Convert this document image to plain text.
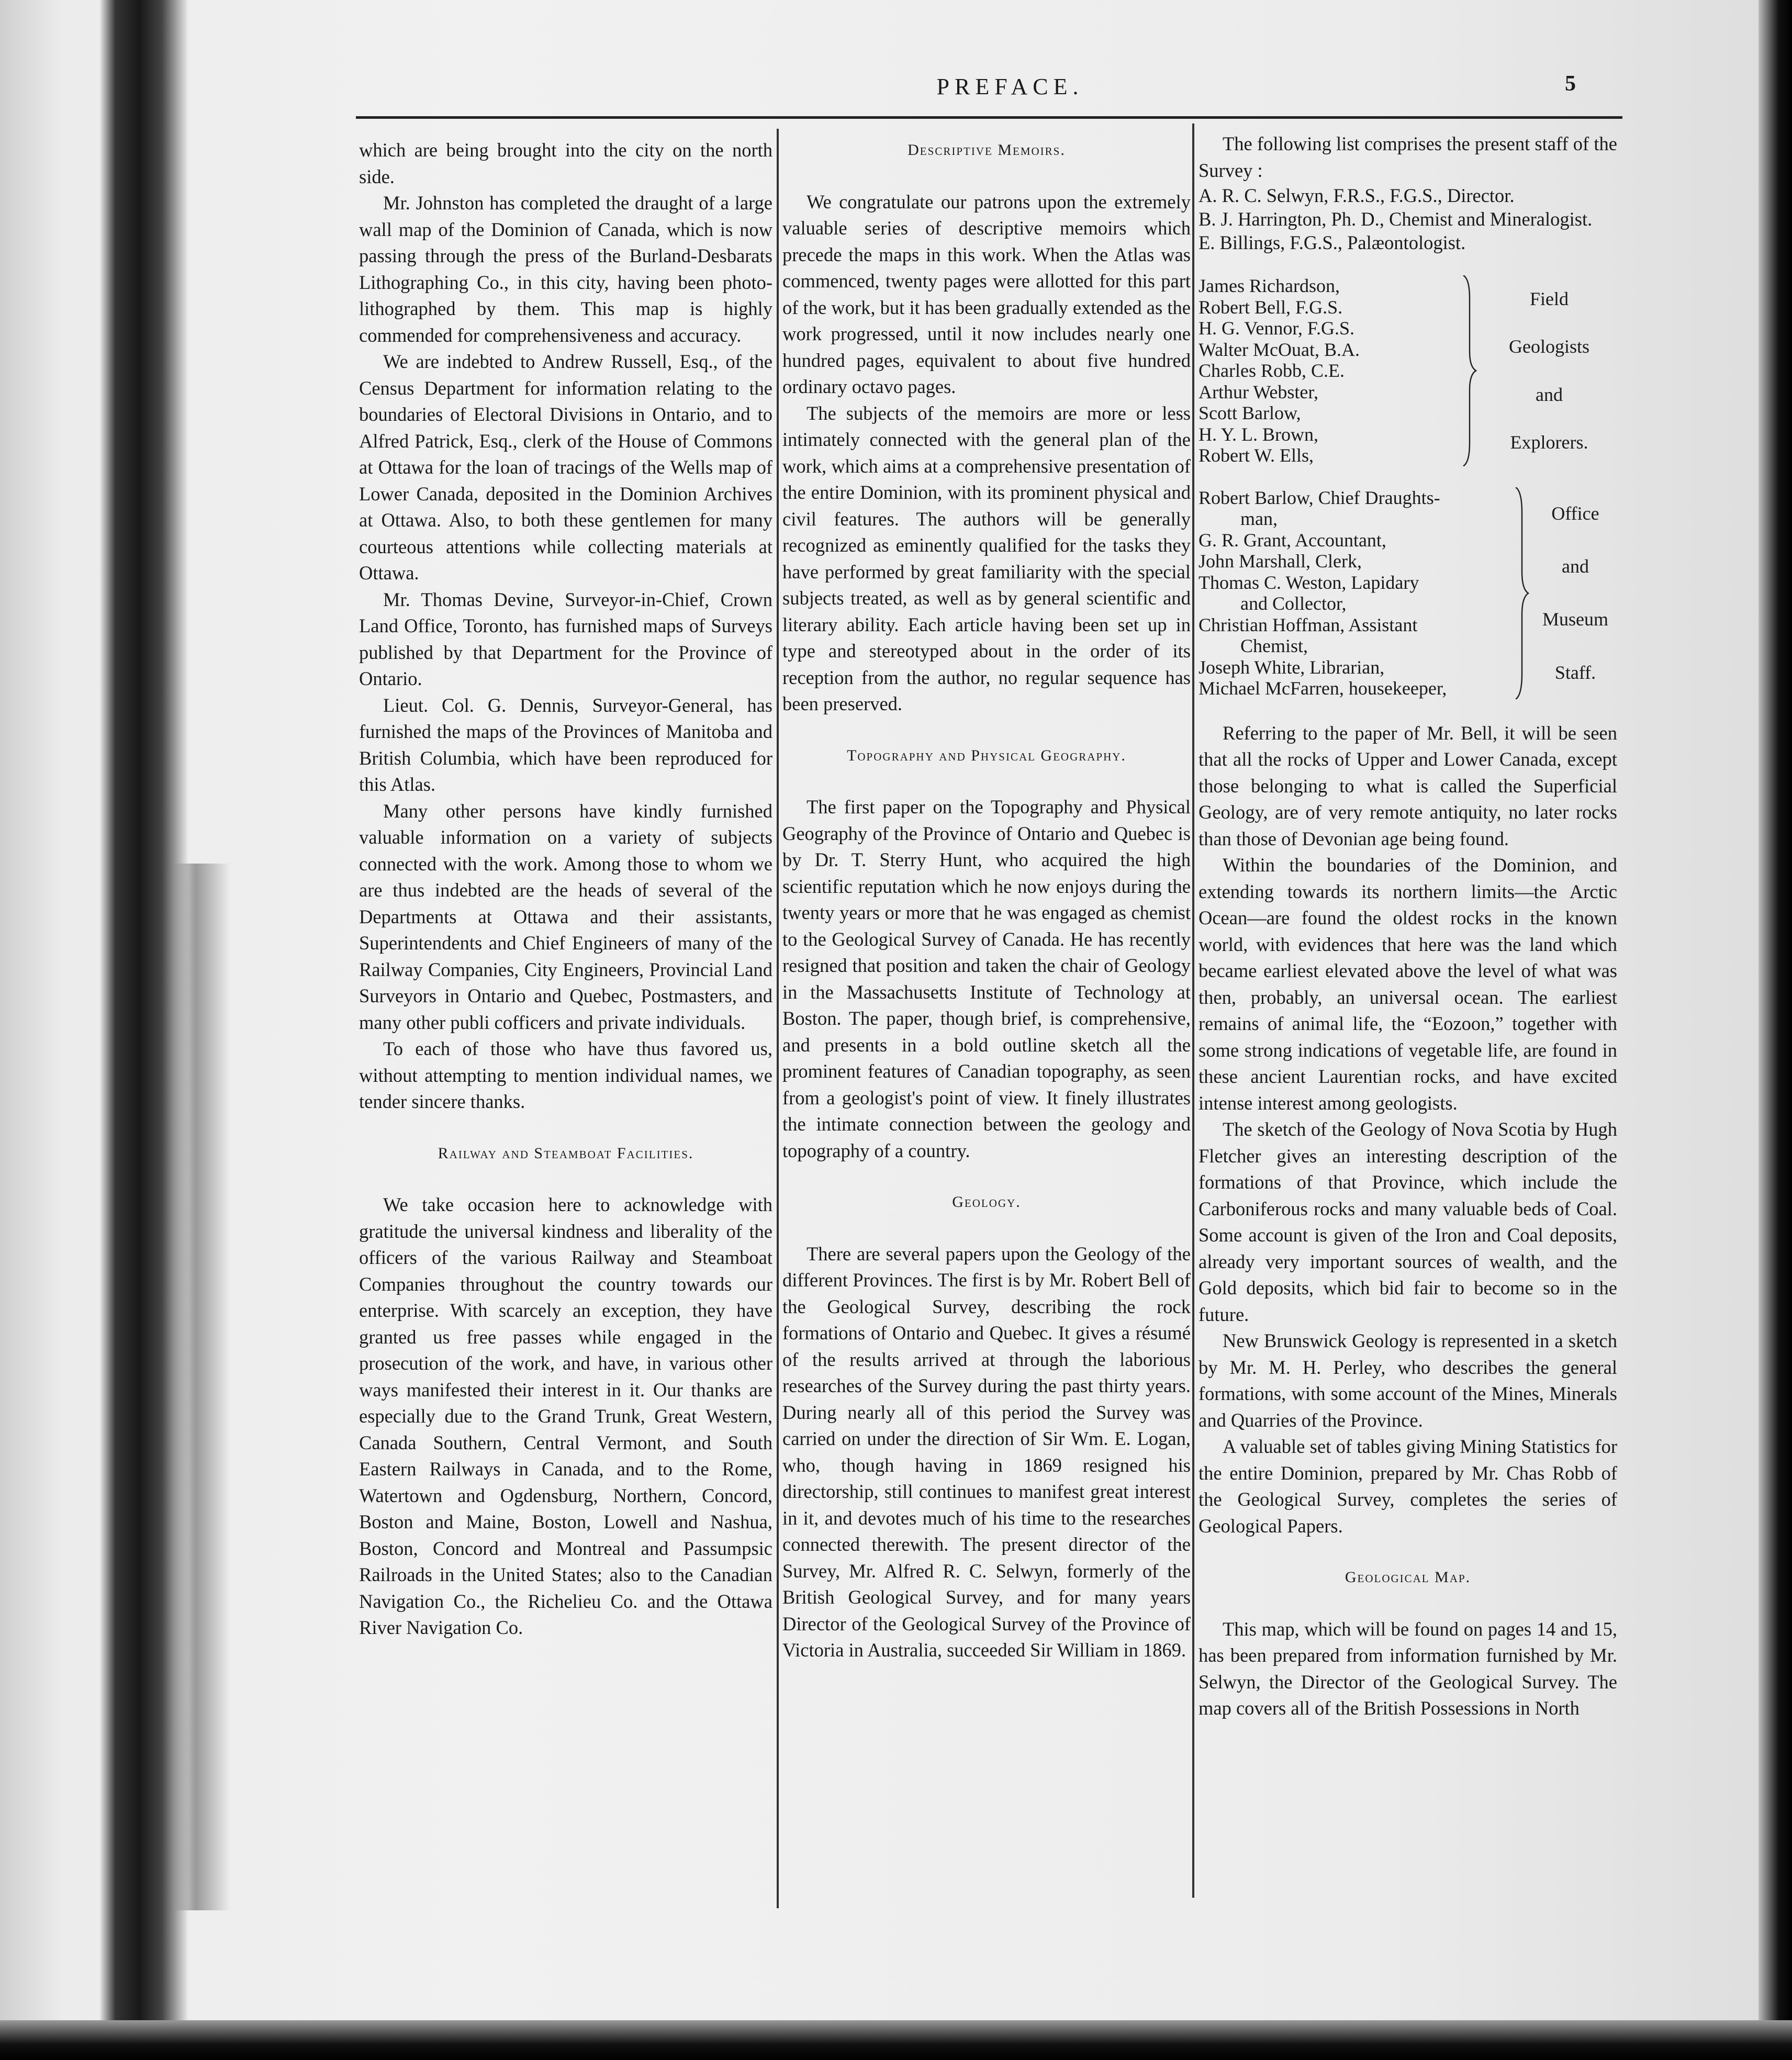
PREFACE.	5

which are being brought into the city on the north side.

Mr. Johnston has completed the draught of a large wall map of the Dominion of Canada, which is now passing through the press of the Burland-Desbarats Lithographing Co., in this city, having been photo-lithographed by them. This map is highly commended for comprehensiveness and accuracy.

We are indebted to Andrew Russell, Esq., of the Census Department for information relating to the boundaries of Electoral Divisions in Ontario, and to Alfred Patrick, Esq., clerk of the House of Commons at Ottawa for the loan of tracings of the Wells map of Lower Canada, deposited in the Dominion Archives at Ottawa. Also, to both these gentlemen for many courteous attentions while collecting materials at Ottawa.

Mr. Thomas Devine, Surveyor-in-Chief, Crown Land Office, Toronto, has furnished maps of Surveys published by that Department for the Province of Ontario.

Lieut. Col. G. Dennis, Surveyor-General, has furnished the maps of the Provinces of Manitoba and British Columbia, which have been reproduced for this Atlas.

Many other persons have kindly furnished valuable information on a variety of subjects connected with the work. Among those to whom we are thus indebted are the heads of several of the Departments at Ottawa and their assistants, Superintendents and Chief Engineers of many of the Railway Companies, City Engineers, Provincial Land Surveyors in Ontario and Quebec, Postmasters, and many other publi cofficers and private individuals.

To each of those who have thus favored us, without attempting to mention individual names, we tender sincere thanks.

Railway and Steamboat Facilities.

We take occasion here to acknowledge with gratitude the universal kindness and liberality of the officers of the various Railway and Steamboat Companies throughout the country towards our enterprise. With scarcely an exception, they have granted us free passes while engaged in the prosecution of the work, and have, in various other ways manifested their interest in it. Our thanks are especially due to the Grand Trunk, Great Western, Canada Southern, Central Vermont, and South Eastern Railways in Canada, and to the Rome, Watertown and Ogdensburg, Northern, Concord, Boston and Maine, Boston, Lowell and Nashua, Boston, Concord and Montreal and Passumpsic Railroads in the United States; also to the Canadian Navigation Co., the Richelieu Co. and the Ottawa River Navigation Co.

Descriptive Memoirs.

We congratulate our patrons upon the extremely valuable series of descriptive memoirs which precede the maps in this work. When the Atlas was commenced, twenty pages were allotted for this part of the work, but it has been gradually extended as the work progressed, until it now includes nearly one hundred pages, equivalent to about five hundred ordinary octavo pages.

The subjects of the memoirs are more or less intimately connected with the general plan of the work, which aims at a comprehensive presentation of the entire Dominion, with its prominent physical and civil features. The authors will be generally recognized as eminently qualified for the tasks they have performed by great familiarity with the special subjects treated, as well as by general scientific and literary ability. Each article having been set up in type and stereotyped about in the order of its reception from the author, no regular sequence has been preserved.

Topography and Physical Geography.

The first paper on the Topography and Physical Geography of the Province of Ontario and Quebec is by Dr. T. Sterry Hunt, who acquired the high scientific reputation which he now enjoys during the twenty years or more that he was engaged as chemist to the Geological Survey of Canada. He has recently resigned that position and taken the chair of Geology in the Massachusetts Institute of Technology at Boston. The paper, though brief, is comprehensive, and presents in a bold outline sketch all the prominent features of Canadian topography, as seen from a geologist's point of view. It finely illustrates the intimate connection between the geology and topography of a country.

Geology.

There are several papers upon the Geology of the different Provinces. The first is by Mr. Robert Bell of the Geological Survey, describing the rock formations of Ontario and Quebec. It gives a résumé of the results arrived at through the laborious researches of the Survey during the past thirty years. During nearly all of this period the Survey was carried on under the direction of Sir Wm. E. Logan, who, though having in 1869 resigned his directorship, still continues to manifest great interest in it, and devotes much of his time to the researches connected therewith. The present director of the Survey, Mr. Alfred R. C. Selwyn, formerly of the British Geological Survey, and for many years Director of the Geological Survey of the Province of Victoria in Australia, succeeded Sir William in 1869.

The following list comprises the present staff of the Survey :

A. R. C. Selwyn, F.R.S., F.G.S., Director.
B. J. Harrington, Ph. D., Chemist and Mineralogist.
E. Billings, F.G.S., Palæontologist.
James Richardson,
Robert Bell, F.G.S.
H. G. Vennor, F.G.S.
Walter McOuat, B.A.
Charles Robb, C.E.
Arthur Webster,
Scott Barlow,
H. Y. L. Brown,
Robert W. Ells,
Field
Geologists
and
Explorers.
Robert Barlow, Chief Draughts-
man,
G. R. Grant, Accountant,
John Marshall, Clerk,
Thomas C. Weston, Lapidary
and Collector,
Christian Hoffman, Assistant
Chemist,
Joseph White, Librarian,
Michael McFarren, housekeeper,
Office
and
Museum
Staff.

Referring to the paper of Mr. Bell, it will be seen that all the rocks of Upper and Lower Canada, except those belonging to what is called the Superficial Geology, are of very remote antiquity, no later rocks than those of Devonian age being found.

Within the boundaries of the Dominion, and extending towards its northern limits—the Arctic Ocean—are found the oldest rocks in the known world, with evidences that here was the land which became earliest elevated above the level of what was then, probably, an universal ocean. The earliest remains of animal life, the “Eozoon,” together with some strong indications of vegetable life, are found in these ancient Laurentian rocks, and have excited intense interest among geologists.

The sketch of the Geology of Nova Scotia by Hugh Fletcher gives an interesting description of the formations of that Province, which include the Carboniferous rocks and many valuable beds of Coal. Some account is given of the Iron and Coal deposits, already very important sources of wealth, and the Gold deposits, which bid fair to become so in the future.

New Brunswick Geology is represented in a sketch by Mr. M. H. Perley, who describes the general formations, with some account of the Mines, Minerals and Quarries of the Province.

A valuable set of tables giving Mining Statistics for the entire Dominion, prepared by Mr. Chas Robb of the Geological Survey, completes the series of Geological Papers.

Geological Map.

This map, which will be found on pages 14 and 15, has been prepared from information furnished by Mr. Selwyn, the Director of the Geological Survey. The map covers all of the British Possessions in North
